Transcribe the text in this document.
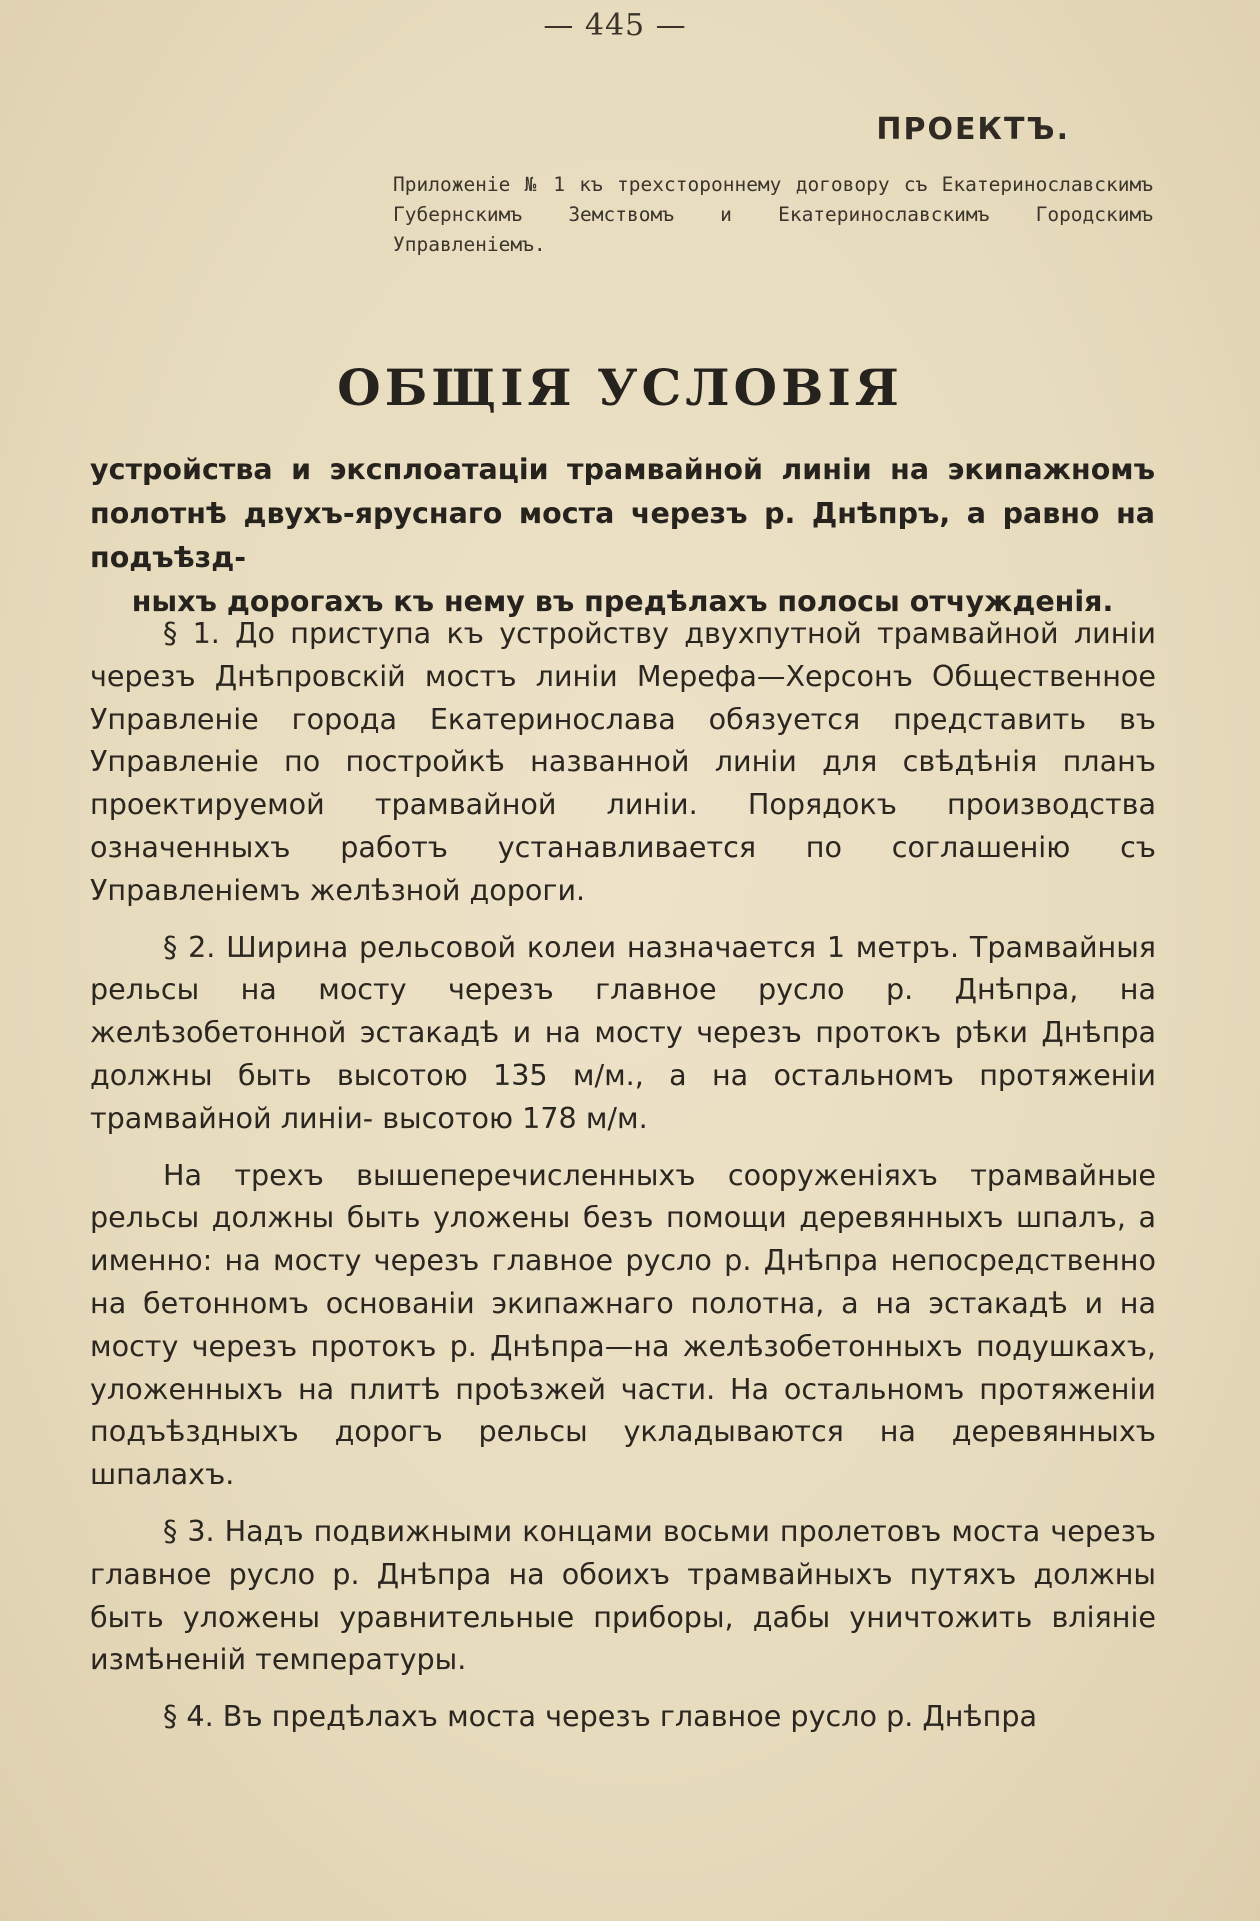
— 445 —
ПРОЕКТЪ.
Приложеніе № 1 къ трехстороннему договору съ Екатеринославскимъ Губернскимъ Земствомъ и Екатеринославскимъ Городскимъ Управленіемъ.
ОБЩІЯ УСЛОВІЯ
устройства и эксплоатаціи трамвайной линіи на экипажномъ полотнѣ двухъ-яруснаго моста черезъ р. Днѣпръ, а равно на подъѣзд-
ныхъ дорогахъ къ нему въ предѣлахъ полосы отчужденія.

§ 1. До приступа къ устройству двухпутной трамвайной линіи черезъ Днѣпровскій мостъ линіи Мерефа—Херсонъ Общественное Управленіе города Екатеринослава обязуется представить въ Управленіе по постройкѣ названной линіи для свѣдѣнія планъ проектируемой трамвайной линіи. Порядокъ производства означенныхъ работъ устанавливается по соглашенію съ Управленіемъ желѣзной дороги.

§ 2. Ширина рельсовой колеи назначается 1 метръ. Трамвайныя рельсы на мосту черезъ главное русло р. Днѣпра, на желѣзобетонной эстакадѣ и на мосту черезъ протокъ рѣки Днѣпра должны быть высотою 135 м/м., а на остальномъ протяженіи трамвайной линіи- высотою 178 м/м.

На трехъ вышеперечисленныхъ сооруженіяхъ трамвайные рельсы должны быть уложены безъ помощи деревянныхъ шпалъ, а именно: на мосту черезъ главное русло р. Днѣпра непосредственно на бетонномъ основаніи экипажнаго полотна, а на эстакадѣ и на мосту черезъ протокъ р. Днѣпра—на желѣзобетонныхъ подушкахъ, уложенныхъ на плитѣ проѣзжей части. На остальномъ протяженіи подъѣздныхъ дорогъ рельсы укладываются на деревянныхъ шпалахъ.

§ 3. Надъ подвижными концами восьми пролетовъ моста черезъ главное русло р. Днѣпра на обоихъ трамвайныхъ путяхъ должны быть уложены уравнительные приборы, дабы уничтожить вліяніе измѣненій температуры.

§ 4. Въ предѣлахъ моста черезъ главное русло р. Днѣпра
